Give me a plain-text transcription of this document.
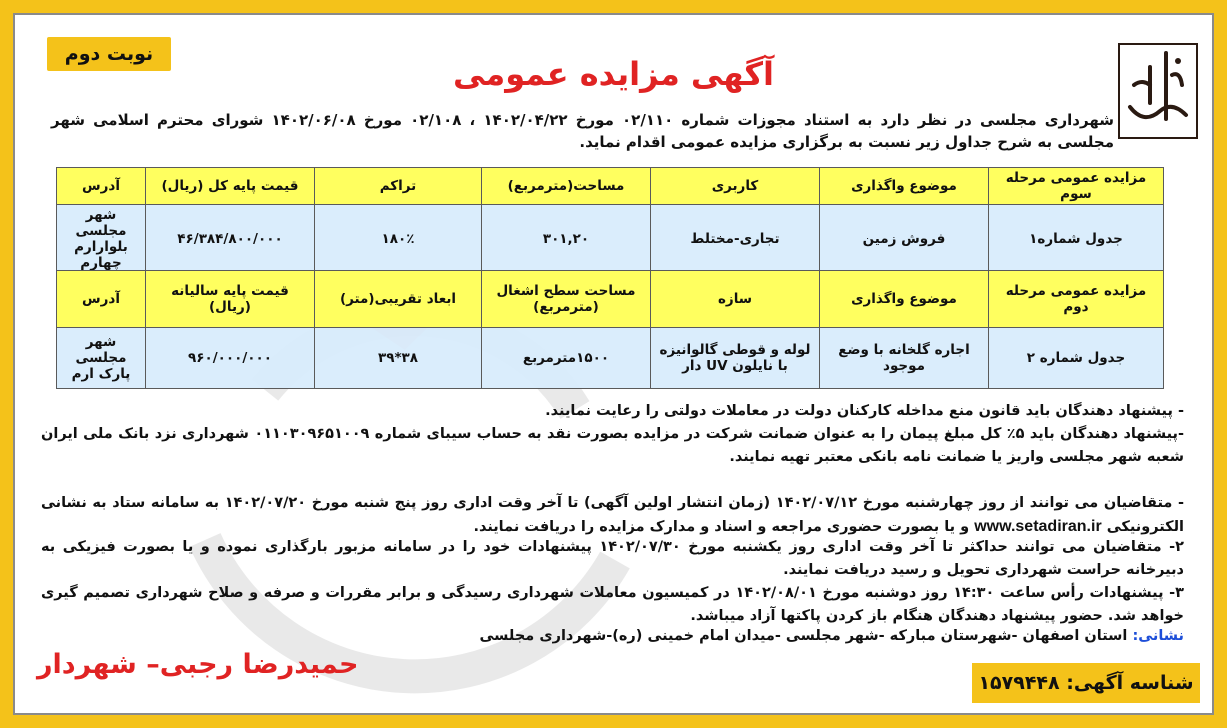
نوبت دوم
آگهی مزایده عمومی
شهرداری مجلسی در نظر دارد به استناد مجوزات شماره ۰۲/۱۱۰ مورخ ۱۴۰۲/۰۴/۲۲ ، ۰۲/۱۰۸ مورخ ۱۴۰۲/۰۶/۰۸ شورای محترم اسلامی شهر مجلسی به شرح جداول زیر نسبت به برگزاری مزایده عمومی اقدام نماید.
مزایده عمومی مرحله سوم	موضوع واگذاری	کاربری	مساحت(مترمربع)	تراکم	قیمت پایه کل (ریال)	آدرس
جدول شماره۱	فروش زمین	تجاری-مختلط	۳۰۱,۲۰	۱۸۰٪	۴۶/۳۸۴/۸۰۰/۰۰۰	شهر مجلسی بلوارارم چهارم
مزایده عمومی مرحله دوم	موضوع واگذاری	سازه	مساحت سطح اشغال (مترمربع)	ابعاد تقریبی(متر)	قیمت پایه سالیانه (ریال)	آدرس
جدول شماره ۲	اجاره گلخانه با وضع موجود	لوله و قوطی گالوانیزه با نایلون UV دار	۱۵۰۰مترمربع	۳۸*۳۹	۹۶۰/۰۰۰/۰۰۰	شهر مجلسی پارک ارم
- پیشنهاد دهندگان باید قانون منع مداخله کارکنان دولت در معاملات دولتی را رعایت نمایند.
-پیشنهاد دهندگان باید ۵٪ کل مبلغ پیمان را به عنوان ضمانت شرکت در مزایده بصورت نقد به حساب سیبای شماره ۰۱۱۰۳۰۹۶۵۱۰۰۹ شهرداری نزد بانک ملی ایران شعبه شهر مجلسی واریز یا ضمانت نامه بانکی معتبر تهیه نمایند.
- متقاضیان می توانند از روز چهارشنبه مورخ ۱۴۰۲/۰۷/۱۲ (زمان انتشار اولین آگهی) تا آخر وقت اداری روز پنج شنبه مورخ ۱۴۰۲/۰۷/۲۰ به سامانه ستاد به نشانی الکترونیکی www.setadiran.ir و یا بصورت حضوری مراجعه و اسناد و مدارک مزایده را دریافت نمایند.
۲- متقاضیان می توانند حداکثر تا آخر وقت اداری روز یکشنبه مورخ ۱۴۰۲/۰۷/۳۰ پیشنهادات خود را در سامانه مزبور بارگذاری نموده و یا بصورت فیزیکی به دبیرخانه حراست شهرداری تحویل و رسید دریافت نمایند.
۳- پیشنهادات رأس ساعت ۱۴:۳۰ روز دوشنبه مورخ ۱۴۰۲/۰۸/۰۱ در کمیسیون معاملات شهرداری رسیدگی و برابر مقررات و صرفه و صلاح شهرداری تصمیم گیری خواهد شد. حضور پیشنهاد دهندگان هنگام باز کردن پاکتها آزاد میباشد.
نشانی: استان اصفهان -شهرستان مبارکه -شهر مجلسی -میدان امام خمینی (ره)-شهرداری مجلسی
حمیدرضا رجبی– شهردار
شناسه آگهی: ۱۵۷۹۴۴۸
